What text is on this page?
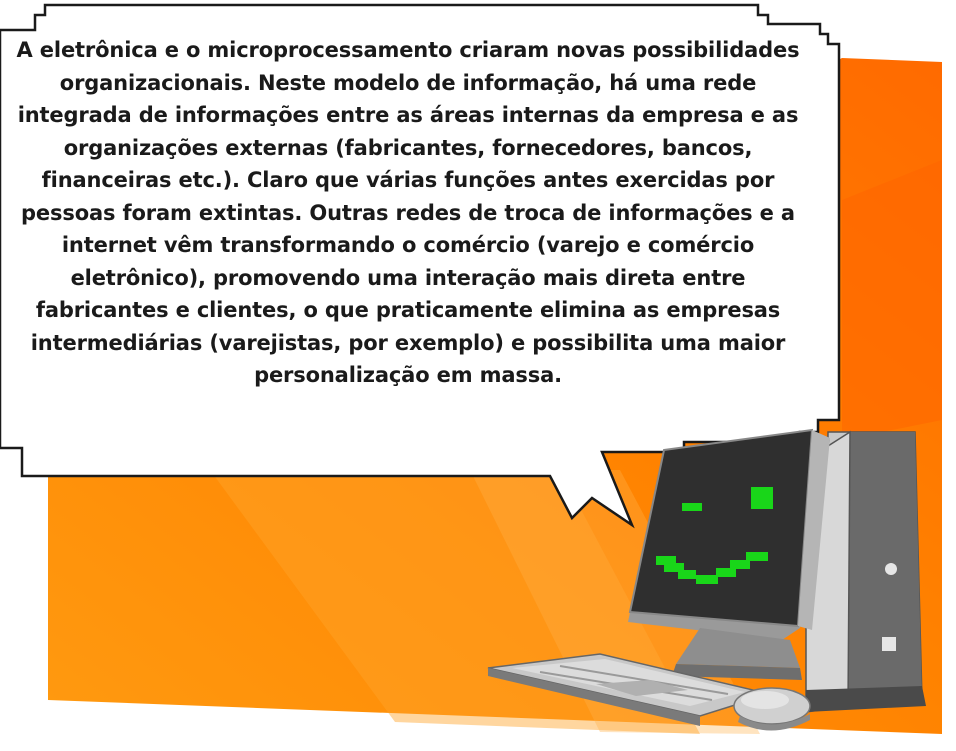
A eletrônica e o microprocessamento criaram novas possibilidades organizacionais. Neste modelo de informação, há uma rede integrada de informações entre as áreas internas da empresa e as organizações externas (fabricantes, fornecedores, bancos, financeiras etc.). Claro que várias funções antes exercidas por pessoas foram extintas. Outras redes de troca de informações e a internet vêm transformando o comércio (varejo e comércio eletrônico), promovendo uma interação mais direta entre fabricantes e clientes, o que praticamente elimina as empresas intermediárias (varejistas, por exemplo) e possibilita uma maior personalização em massa.
